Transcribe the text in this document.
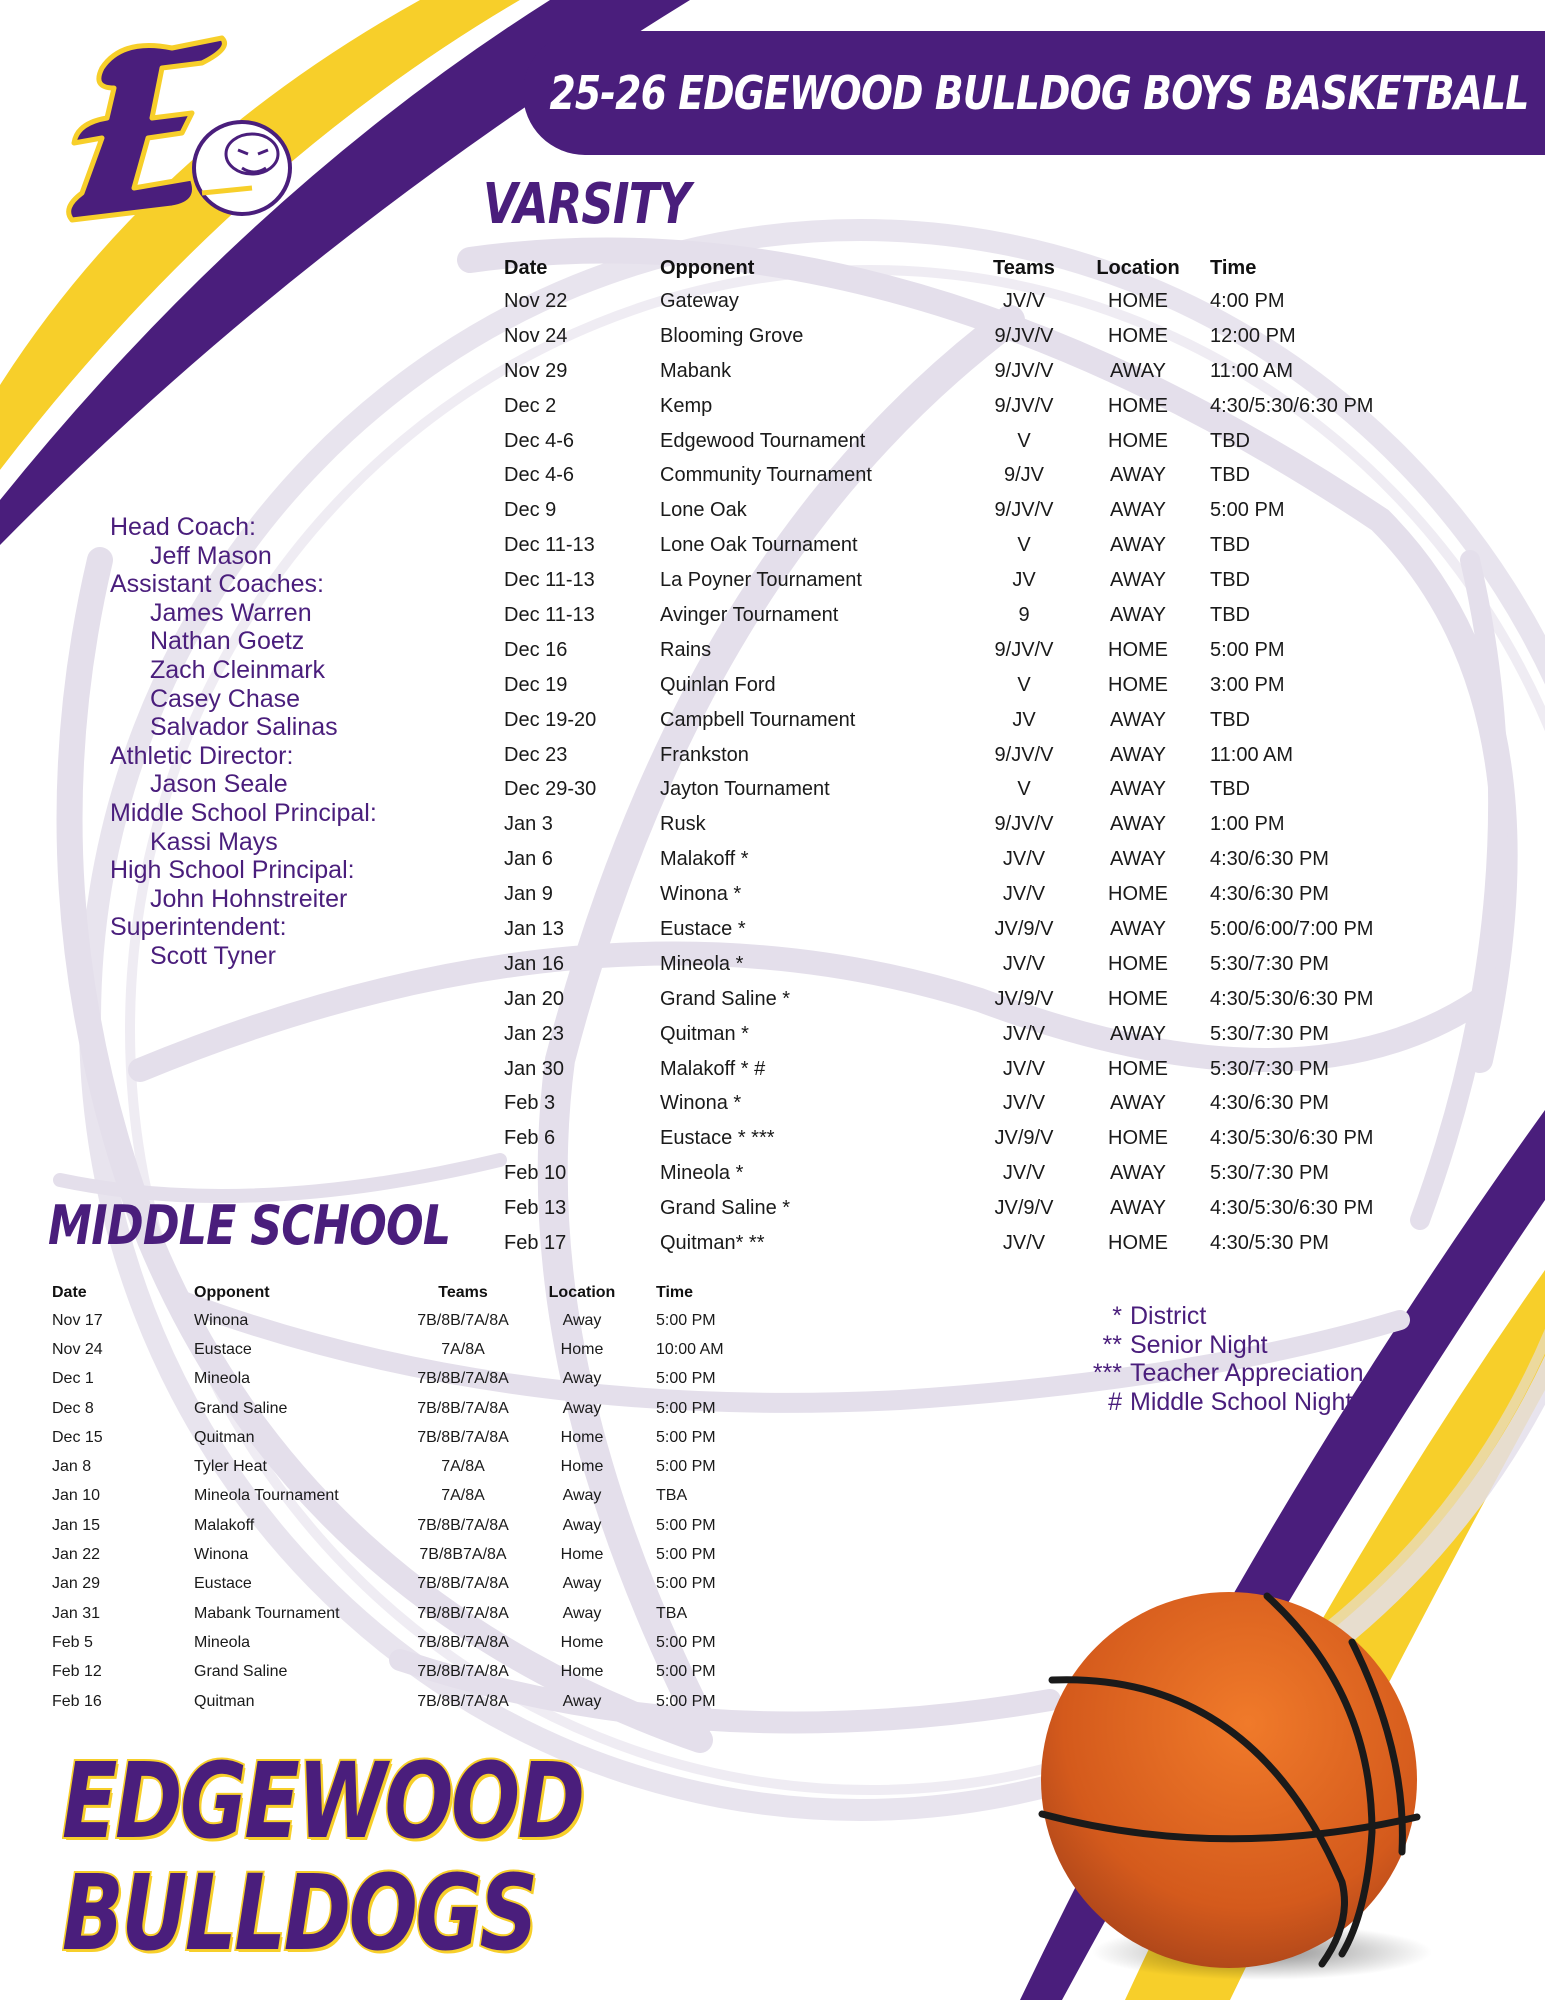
25-26 EDGEWOOD BULLDOG BOYS BASKETBALL
VARSITY
Date	Opponent	Teams	Location	Time
Nov 22	Gateway	JV/V	HOME	4:00 PM
Nov 24	Blooming Grove	9/JV/V	HOME	12:00 PM
Nov 29	Mabank	9/JV/V	AWAY	11:00 AM
Dec 2	Kemp	9/JV/V	HOME	4:30/5:30/6:30 PM
Dec 4-6	Edgewood Tournament	V	HOME	TBD
Dec 4-6	Community Tournament	9/JV	AWAY	TBD
Dec 9	Lone Oak	9/JV/V	AWAY	5:00 PM
Dec 11-13	Lone Oak Tournament	V	AWAY	TBD
Dec 11-13	La Poyner Tournament	JV	AWAY	TBD
Dec 11-13	Avinger Tournament	9	AWAY	TBD
Dec 16	Rains	9/JV/V	HOME	5:00 PM
Dec 19	Quinlan Ford	V	HOME	3:00 PM
Dec 19-20	Campbell Tournament	JV	AWAY	TBD
Dec 23	Frankston	9/JV/V	AWAY	11:00 AM
Dec 29-30	Jayton Tournament	V	AWAY	TBD
Jan 3	Rusk	9/JV/V	AWAY	1:00 PM
Jan 6	Malakoff *	JV/V	AWAY	4:30/6:30 PM
Jan 9	Winona *	JV/V	HOME	4:30/6:30 PM
Jan 13	Eustace *	JV/9/V	AWAY	5:00/6:00/7:00 PM
Jan 16	Mineola *	JV/V	HOME	5:30/7:30 PM
Jan 20	Grand Saline *	JV/9/V	HOME	4:30/5:30/6:30 PM
Jan 23	Quitman *	JV/V	AWAY	5:30/7:30 PM
Jan 30	Malakoff * #	JV/V	HOME	5:30/7:30 PM
Feb 3	Winona *	JV/V	AWAY	4:30/6:30 PM
Feb 6	Eustace * ***	JV/9/V	HOME	4:30/5:30/6:30 PM
Feb 10	Mineola *	JV/V	AWAY	5:30/7:30 PM
Feb 13	Grand Saline *	JV/9/V	AWAY	4:30/5:30/6:30 PM
Feb 17	Quitman* **	JV/V	HOME	4:30/5:30 PM
Head Coach:
Jeff Mason
Assistant Coaches:
James Warren
Nathan Goetz
Zach Cleinmark
Casey Chase
Salvador Salinas
Athletic Director:
Jason Seale
Middle School Principal:
Kassi Mays
High School Principal:
John Hohnstreiter
Superintendent:
Scott Tyner
* District
** Senior Night
*** Teacher Appreciation
# Middle School Night
MIDDLE SCHOOL
Date	Opponent	Teams	Location	Time
Nov 17	Winona	7B/8B/7A/8A	Away	5:00 PM
Nov 24	Eustace	7A/8A	Home	10:00 AM
Dec 1	Mineola	7B/8B/7A/8A	Away	5:00 PM
Dec 8	Grand Saline	7B/8B/7A/8A	Away	5:00 PM
Dec 15	Quitman	7B/8B/7A/8A	Home	5:00 PM
Jan 8	Tyler Heat	7A/8A	Home	5:00 PM
Jan 10	Mineola Tournament	7A/8A	Away	TBA
Jan 15	Malakoff	7B/8B/7A/8A	Away	5:00 PM
Jan 22	Winona	7B/8B7A/8A	Home	5:00 PM
Jan 29	Eustace	7B/8B/7A/8A	Away	5:00 PM
Jan 31	Mabank Tournament	7B/8B/7A/8A	Away	TBA
Feb 5	Mineola	7B/8B/7A/8A	Home	5:00 PM
Feb 12	Grand Saline	7B/8B/7A/8A	Home	5:00 PM
Feb 16	Quitman	7B/8B/7A/8A	Away	5:00 PM
EDGEWOOD
BULLDOGS
